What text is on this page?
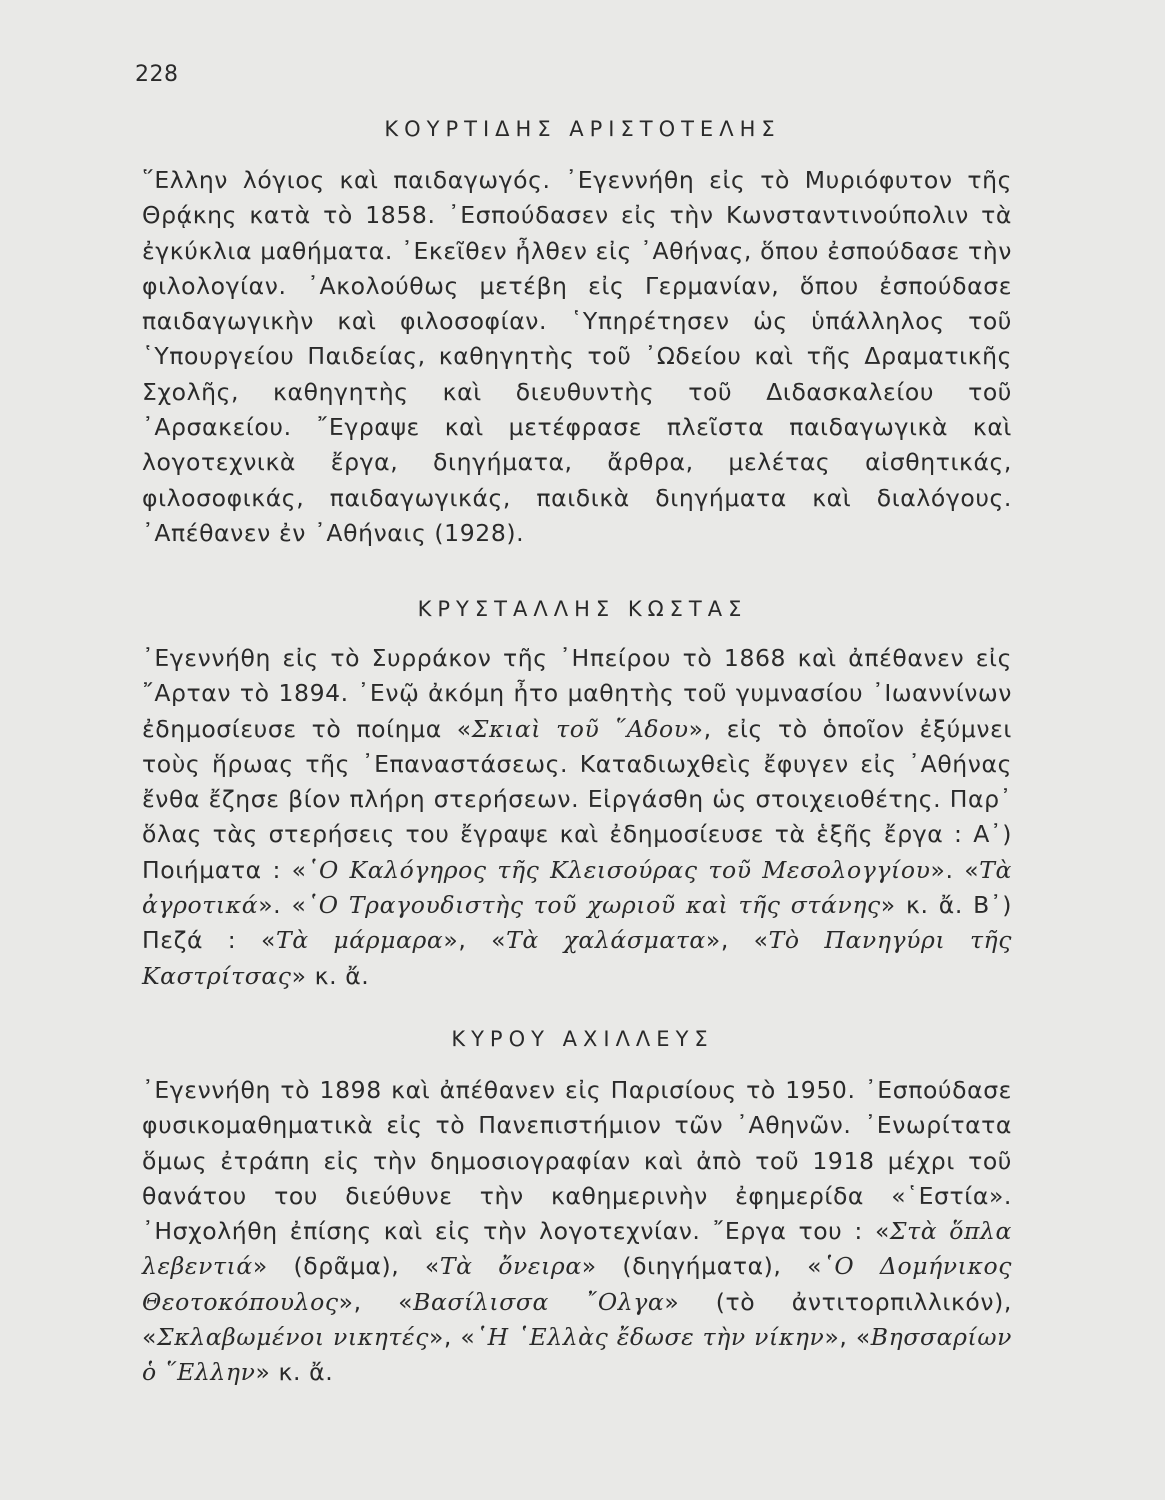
228
ΚΟΥΡΤΙΔΗΣ ΑΡΙΣΤΟΤΕΛΗΣ
῞Ελλην λόγιος καὶ παιδαγωγός. ᾿Εγεννήθη εἰς τὸ Μυριόφυτον τῆς Θρᾴκης κατὰ τὸ 1858. ᾿Εσπούδασεν εἰς τὴν Κωνσταντινούπολιν τὰ ἐγκύκλια μαθήματα. ᾿Εκεῖθεν ἦλθεν εἰς ᾿Αθήνας, ὅπου ἐσπούδασε τὴν φιλολογίαν. ᾿Ακολούθως μετέβη εἰς Γερμανίαν, ὅπου ἐσπούδασε παιδαγωγικὴν καὶ φιλοσοφίαν. ῾Υπηρέτησεν ὡς ὑπάλληλος τοῦ ῾Υπουργείου Παιδείας, καθηγητὴς τοῦ ᾿Ωδείου καὶ τῆς Δραματικῆς Σχολῆς, καθηγητὴς καὶ διευθυντὴς τοῦ Διδασκαλείου τοῦ ᾿Αρσακείου. ῎Εγραψε καὶ μετέφρασε πλεῖστα παιδαγωγικὰ καὶ λογοτεχνικὰ ἔργα, διηγήματα, ἄρθρα, μελέτας αἰσθητικάς, φιλοσοφικάς, παιδαγωγικάς, παιδικὰ διηγήματα καὶ διαλόγους. ᾿Απέθανεν ἐν ᾿Αθήναις (1928).
ΚΡΥΣΤΑΛΛΗΣ ΚΩΣΤΑΣ
᾿Εγεννήθη εἰς τὸ Συρράκον τῆς ᾿Ηπείρου τὸ 1868 καὶ ἀπέθανεν εἰς ῎Αρταν τὸ 1894. ᾿Ενῷ ἀκόμη ἦτο μαθητὴς τοῦ γυμνασίου ᾿Ιωαννίνων ἐδημοσίευσε τὸ ποίημα «Σκιαὶ τοῦ ῞Αδου», εἰς τὸ ὁποῖον ἐξύμνει τοὺς ἥρωας τῆς ᾿Επαναστάσεως. Καταδιωχθεὶς ἔφυγεν εἰς ᾿Αθήνας ἔνθα ἔζησε βίον πλήρη στερήσεων. Εἰργάσθη ὡς στοιχειοθέτης. Παρ᾿ ὅλας τὰς στερήσεις του ἔγραψε καὶ ἐδημοσίευσε τὰ ἑξῆς ἔργα : Α᾿) Ποιήματα : «῾Ο Καλόγηρος τῆς Κλεισούρας τοῦ Μεσολογγίου». «Τὰ ἀγροτικά». «῾Ο Τραγουδιστὴς τοῦ χωριοῦ καὶ τῆς στάνης» κ. ἄ. Β᾿) Πεζά : «Τὰ μάρμαρα», «Τὰ χαλάσματα», «Τὸ Πανηγύρι τῆς Καστρίτσας» κ. ἄ.
ΚΥΡΟΥ ΑΧΙΛΛΕΥΣ
᾿Εγεννήθη τὸ 1898 καὶ ἀπέθανεν εἰς Παρισίους τὸ 1950. ᾿Εσπούδασε φυσικομαθηματικὰ εἰς τὸ Πανεπιστήμιον τῶν ᾿Αθηνῶν. ᾿Ενωρίτατα ὅμως ἐτράπη εἰς τὴν δημοσιογραφίαν καὶ ἀπὸ τοῦ 1918 μέχρι τοῦ θανάτου του διεύθυνε τὴν καθημερινὴν ἐφημερίδα «῾Εστία». ᾿Ησχολήθη ἐπίσης καὶ εἰς τὴν λογοτεχνίαν. ῎Εργα του : «Στὰ ὅπλα λεβεντιά» (δρᾶμα), «Τὰ ὄνειρα» (διηγήματα), «῾Ο Δομήνικος Θεοτοκόπουλος», «Βασίλισσα ῎Ολγα» (τὸ ἀντιτορπιλλικόν), «Σκλαβωμένοι νικητές», «῾Η ῾Ελλὰς ἔδωσε τὴν νίκην», «Βησσαρίων ὁ ῞Ελλην» κ. ἄ.
